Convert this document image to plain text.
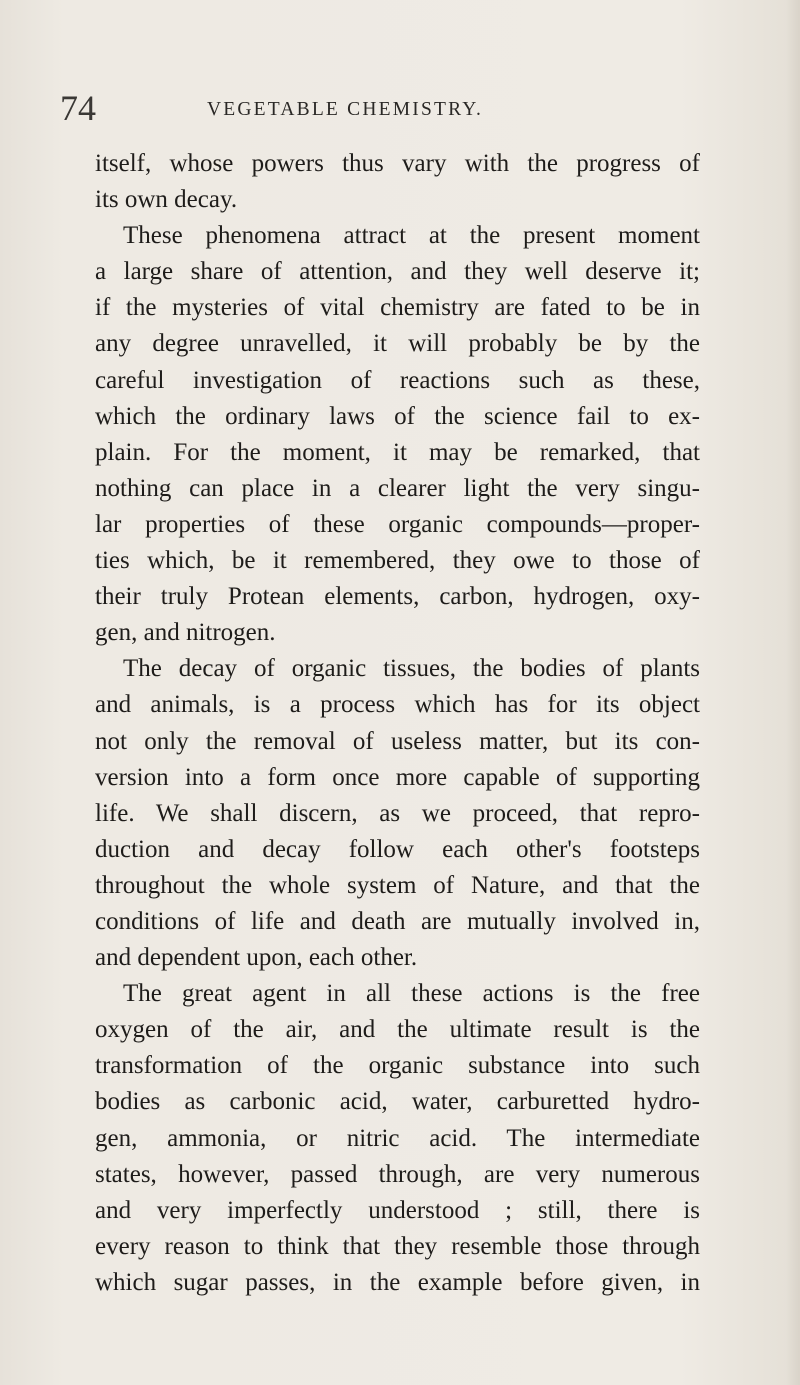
74	VEGETABLE CHEMISTRY.
itself, whose powers thus vary with the progress of
its own decay.
These phenomena attract at the present moment
a large share of attention, and they well deserve it;
if the mysteries of vital chemistry are fated to be in
any degree unravelled, it will probably be by the
careful investigation of reactions such as these,
which the ordinary laws of the science fail to ex-
plain. For the moment, it may be remarked, that
nothing can place in a clearer light the very singu-
lar properties of these organic compounds—proper-
ties which, be it remembered, they owe to those of
their truly Protean elements, carbon, hydrogen, oxy-
gen, and nitrogen.
The decay of organic tissues, the bodies of plants
and animals, is a process which has for its object
not only the removal of useless matter, but its con-
version into a form once more capable of supporting
life. We shall discern, as we proceed, that repro-
duction and decay follow each other's footsteps
throughout the whole system of Nature, and that the
conditions of life and death are mutually involved in,
and dependent upon, each other.
The great agent in all these actions is the free
oxygen of the air, and the ultimate result is the
transformation of the organic substance into such
bodies as carbonic acid, water, carburetted hydro-
gen, ammonia, or nitric acid. The intermediate
states, however, passed through, are very numerous
and very imperfectly understood ; still, there is
every reason to think that they resemble those through
which sugar passes, in the example before given, in
